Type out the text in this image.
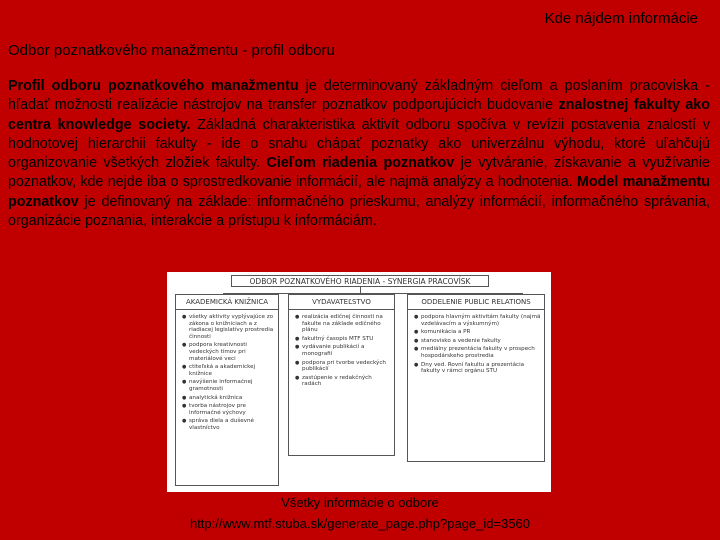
Kde nájdem informácie
Odbor poznatkového manažmentu - profil odboru

Profil odboru poznatkového manažmentu je determinovaný základným cieľom a poslaním pracoviska - hľadať možnosti realizácie nástrojov na transfer poznatkov podporujúcich budovanie znalostnej fakulty ako centra knowledge society. Základná charakteristika aktivít odboru spočíva v revízii postavenia znalostí v hodnotovej hierarchii fakulty - ide o snahu chápať poznatky ako univerzálnu výhodu, ktoré uľahčujú organizovanie všetkých zložiek fakulty. Cieľom riadenia poznatkov je vytváranie, získavanie a využívanie poznatkov, kde nejde iba o sprostredkovanie informácií, ale najmä analýzy a hodnotenia. Model manažmentu poznatkov je definovaný na základe: informačného prieskumu, analýzy informácií, informačného správania, organizácie poznania, interakcie a prístupu k informáciám.

ODBOR POZNATKOVÉHO RIADENIA - SYNERGIA PRACOVÍSK
AKADEMICKÁ KNIŽNICA
● všetky aktivity vyplývajúce zo zákona o knižniciach a z riadiacej legislatívy prostredia činnosti
● podpora kreativnosti vedeckých tímov pri materiálové veci
● ctiteľská a akademickej knižnice
● navýšenie informačnej gramotnosti
● analytická knižnica
● tvorba nástrojov pre informačné výchovy
● správa diela a duševné vlastníctvo
VYDAVATEĽSTVO
● realizácia edičnej činnosti na fakulte na základe edičného plánu
● fakultný časopis MTF STU
● vydávanie publikácií a monografií
● podpora pri tvorbe vedeckých publikácií
● zastúpenie v redakčných radách
ODDELENIE PUBLIC RELATIONS
● podpora hlavným aktivitám fakulty (najmä vzdelávacím a výskumným)
● komunikácia a PR
● stanovisko a vedenie fakulty
● mediálny prezentácia fakulty v prospech hospodárskeho prostredia
● Dny ved. Rovní fakultu a prezentácia fakulty v rámci orgánu STU
Všetky informácie o odbore
http://www.mtf.stuba.sk/generate_page.php?page_id=3560
